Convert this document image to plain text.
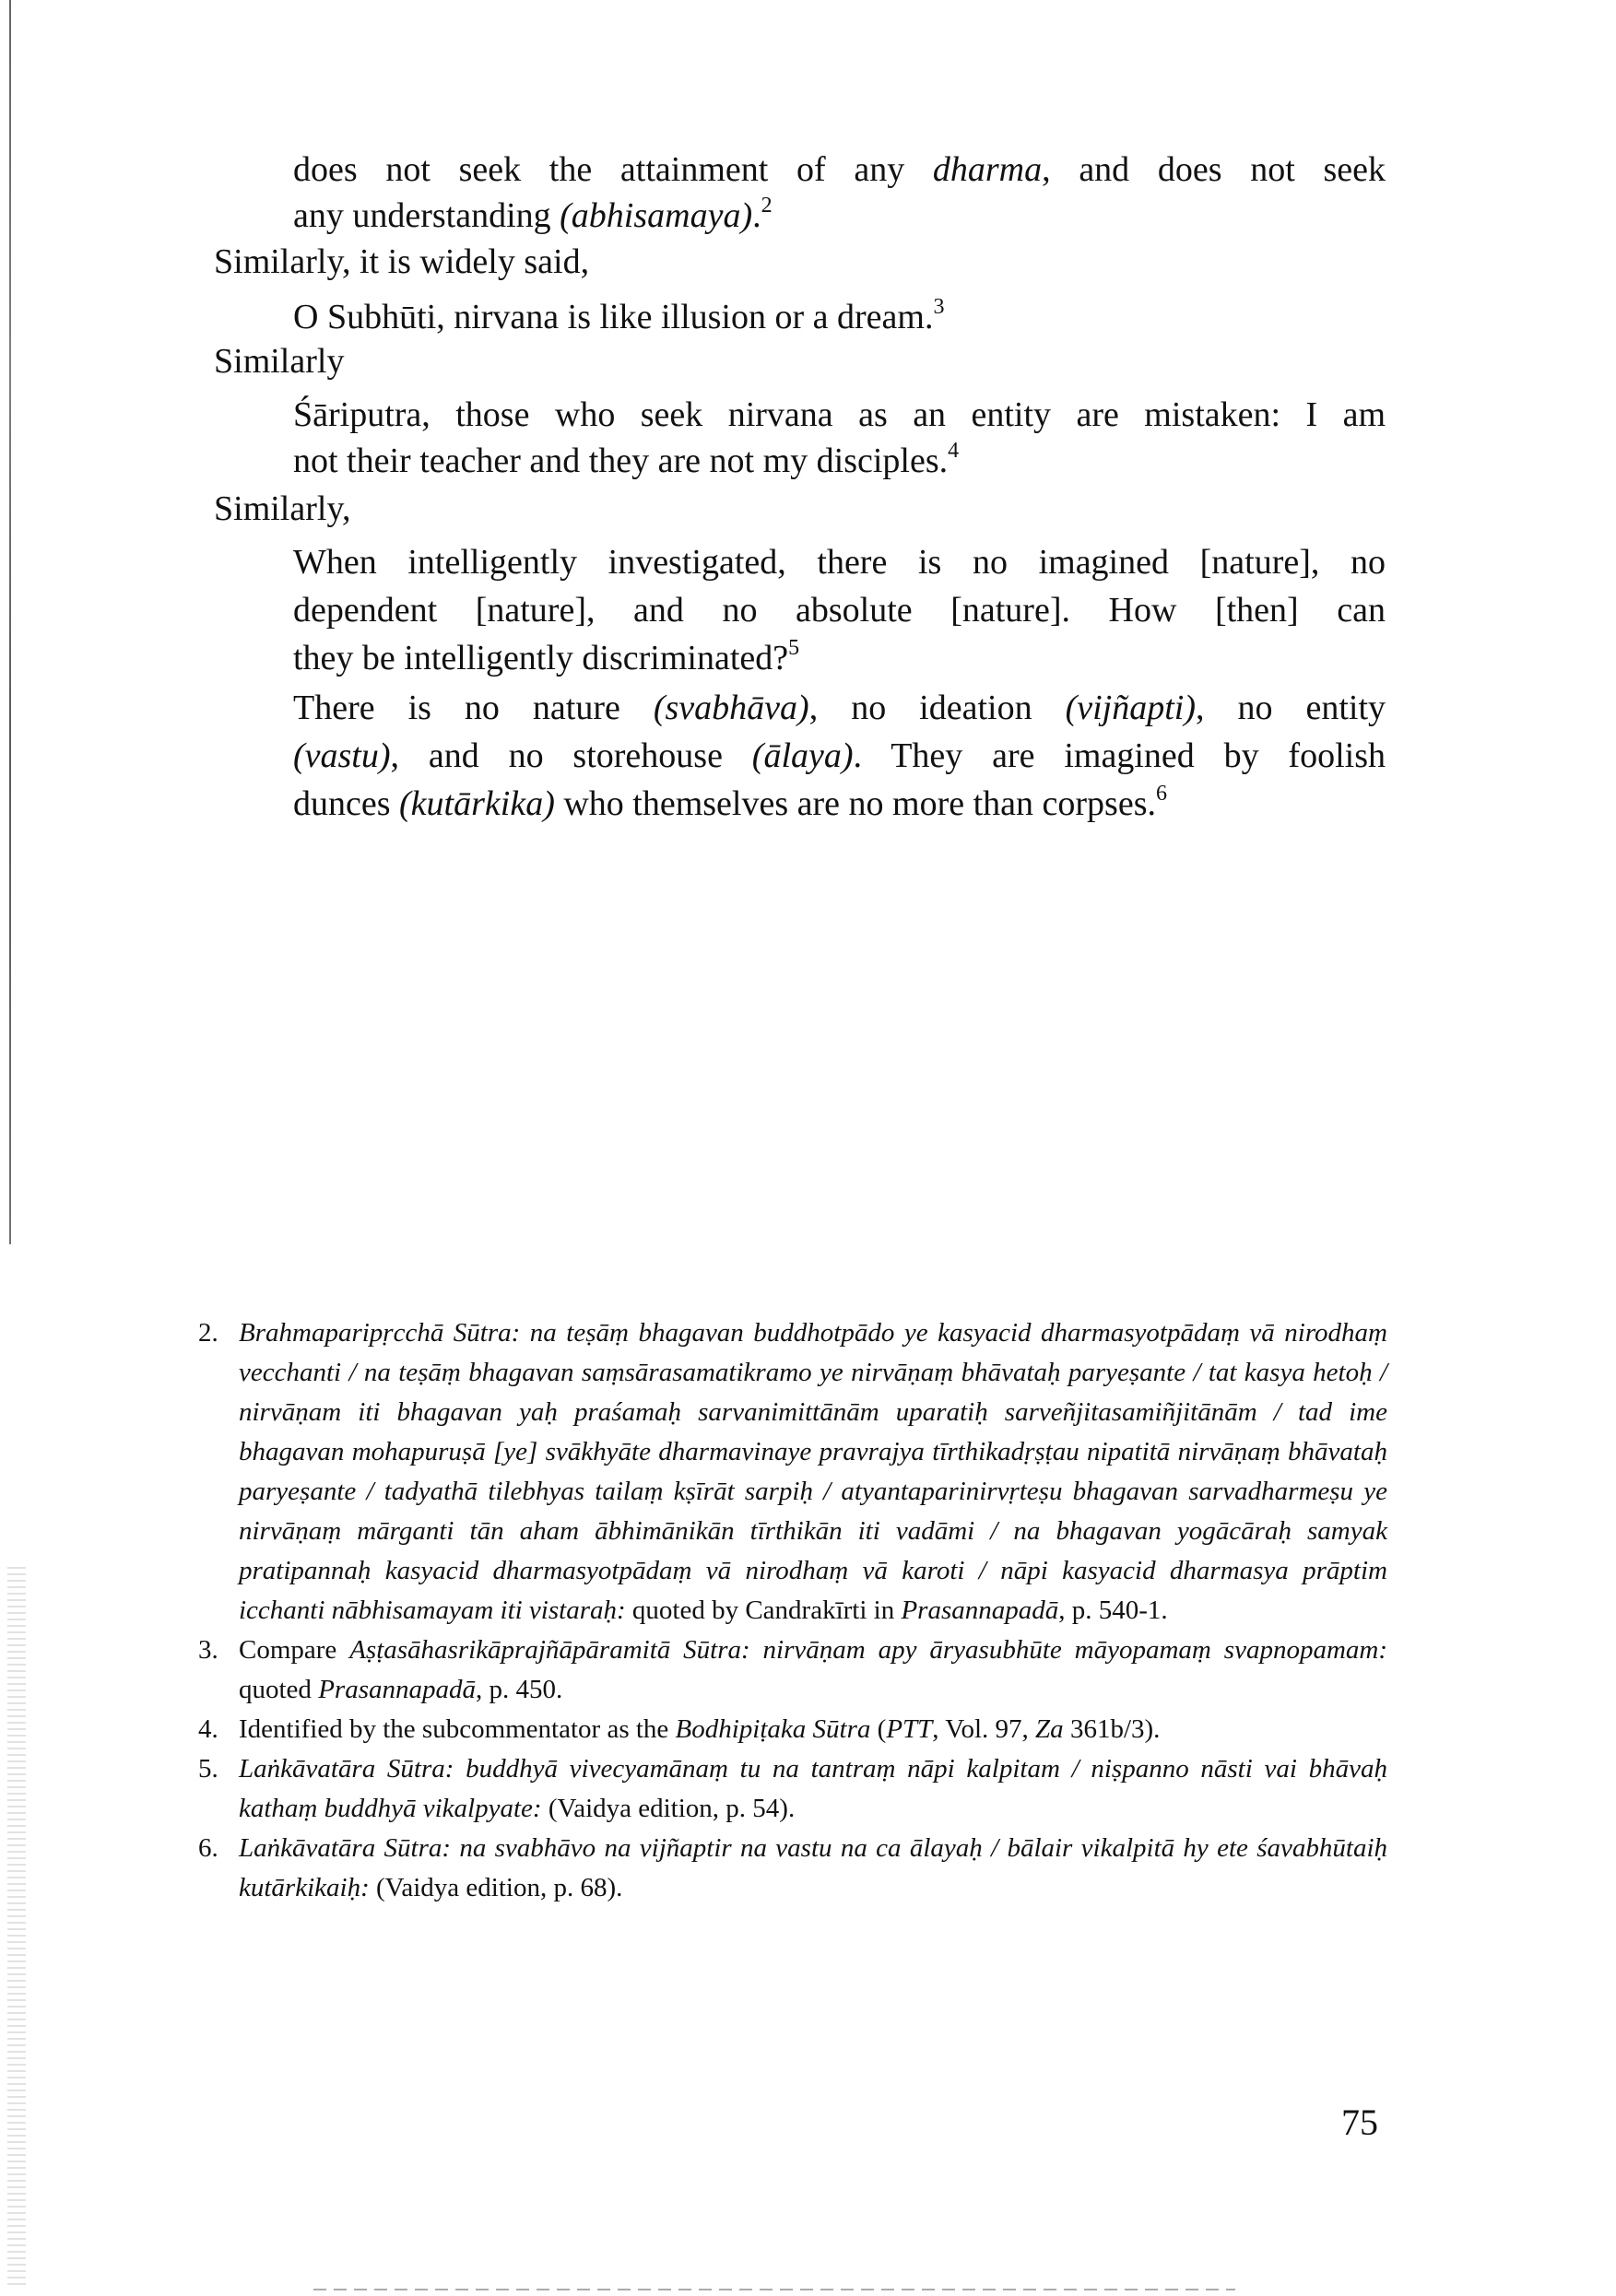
does not seek the attainment of any dharma, and does not seek
any understanding (abhisamaya).$^2$
Similarly, it is widely said,
O Subhūti, nirvana is like illusion or a dream.$^3$
Similarly
Śāriputra, those who seek nirvana as an entity are mistaken: I am
not their teacher and they are not my disciples.$^4$
Similarly,
When intelligently investigated, there is no imagined [nature], no
dependent [nature], and no absolute [nature]. How [then] can
they be intelligently discriminated?$^5$
There is no nature (svabhāva), no ideation (vijñapti), no entity
(vastu), and no storehouse (ālaya). They are imagined by foolish
dunces (kutārkika) who themselves are no more than corpses.$^6$
2. Brahmaparipṛcchā Sūtra: na teṣāṃ bhagavan buddhotpādo ye kasyacid dharmasyotpādaṃ vā nirodhaṃ vecchanti / na teṣāṃ bhagavan saṃsārasamatikramo ye nirvāṇaṃ bhāvataḥ paryeṣante / tat kasya hetoḥ / nirvāṇam iti bhagavan yaḥ praśamaḥ sarvanimittānām uparatiḥ sarveñjitasamiñjitānām / tad ime bhagavan mohapuruṣā [ye] svākhyāte dharmavinaye pravrajya tīrthikadṛṣṭau nipatitā nirvāṇaṃ bhāvataḥ paryeṣante / tadyathā tilebhyas tailaṃ kṣīrāt sarpiḥ / atyantaparinirvṛteṣu bhagavan sarvadharmeṣu ye nirvāṇaṃ mārganti tān aham ābhimānikān tīrthikān iti vadāmi / na bhagavan yogācāraḥ samyak pratipannaḥ kasyacid dharmasyotpādaṃ vā nirodhaṃ vā karoti / nāpi kasyacid dharmasya prāptim icchanti nābhisamayam iti vistaraḥ: quoted by Candrakīrti in Prasannapadā, p. 540-1.
3. Compare Aṣṭasāhasrikāprajñāpāramitā Sūtra: nirvāṇam apy āryasubhūte māyopamaṃ svapnopamam: quoted Prasannapadā, p. 450.
4. Identified by the subcommentator as the Bodhipiṭaka Sūtra (PTT, Vol. 97, Za 361b/3).
5. Laṅkāvatāra Sūtra: buddhyā vivecyamānaṃ tu na tantraṃ nāpi kalpitam / niṣpanno nāsti vai bhāvaḥ kathaṃ buddhyā vikalpyate: (Vaidya edition, p. 54).
6. Laṅkāvatāra Sūtra: na svabhāvo na vijñaptir na vastu na ca ālayaḥ / bālair vikalpitā hy ete śavabhūtaiḥ kutārkikaiḥ: (Vaidya edition, p. 68).
75
